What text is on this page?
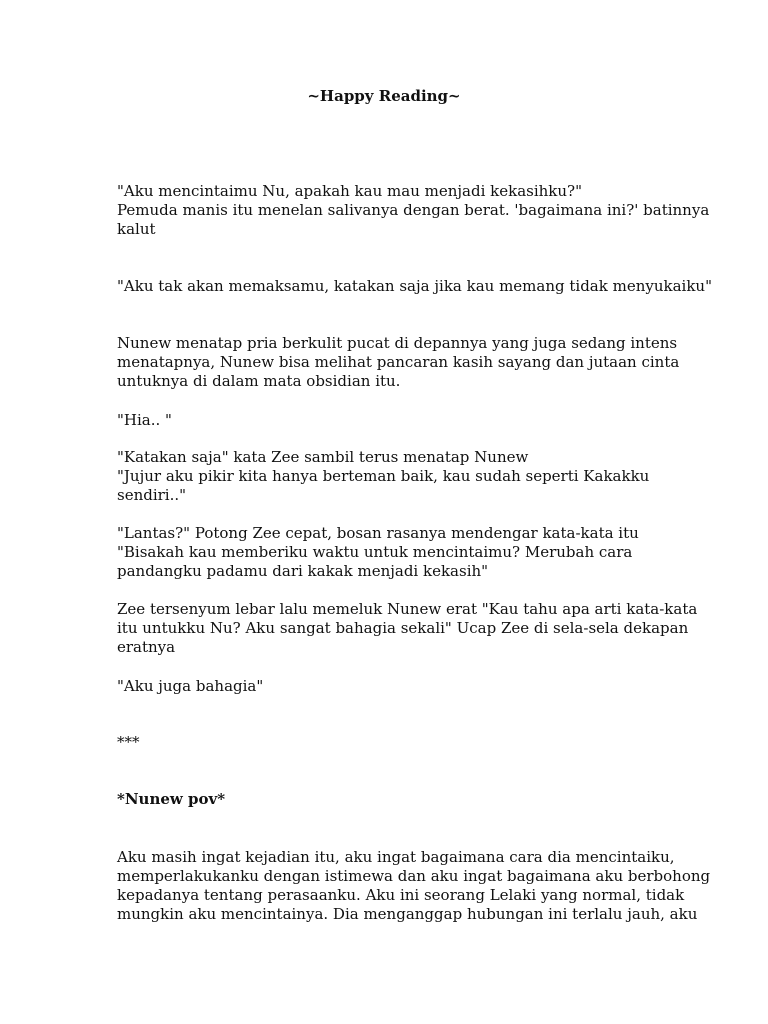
~Happy Reading~
"Aku mencintaimu Nu, apakah kau mau menjadi kekasihku?"
Pemuda manis itu menelan salivanya dengan berat. 'bagaimana ini?' batinnya
kalut
"Aku tak akan memaksamu, katakan saja jika kau memang tidak menyukaiku"
Nunew menatap pria berkulit pucat di depannya yang juga sedang intens
menatapnya, Nunew bisa melihat pancaran kasih sayang dan jutaan cinta
untuknya di dalam mata obsidian itu.
"Hia.. "
"Katakan saja" kata Zee sambil terus menatap Nunew
"Jujur aku pikir kita hanya berteman baik, kau sudah seperti Kakakku
sendiri.."
"Lantas?" Potong Zee cepat, bosan rasanya mendengar kata-kata itu
"Bisakah kau memberiku waktu untuk mencintaimu? Merubah cara
pandangku padamu dari kakak menjadi kekasih"
Zee tersenyum lebar lalu memeluk Nunew erat "Kau tahu apa arti kata-kata
itu untukku Nu? Aku sangat bahagia sekali" Ucap Zee di sela-sela dekapan
eratnya
"Aku juga bahagia"
***
*Nunew pov*
Aku masih ingat kejadian itu, aku ingat bagaimana cara dia mencintaiku,
memperlakukanku dengan istimewa dan aku ingat bagaimana aku berbohong
kepadanya tentang perasaanku. Aku ini seorang Lelaki yang normal, tidak
mungkin aku mencintainya. Dia menganggap hubungan ini terlalu jauh, aku
